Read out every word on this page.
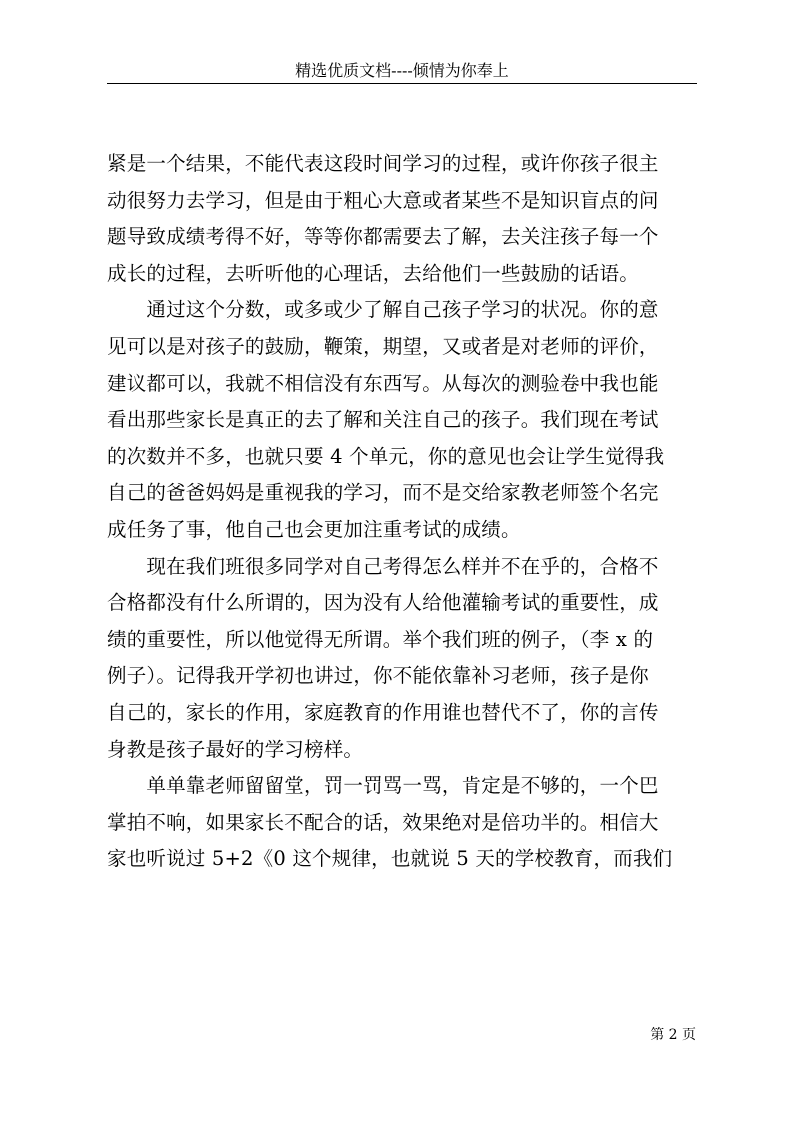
精选优质文档----倾情为你奉上
紧是一个结果，不能代表这段时间学习的过程，或许你孩子很主
动很努力去学习，但是由于粗心大意或者某些不是知识盲点的问
题导致成绩考得不好，等等你都需要去了解，去关注孩子每一个
成长的过程，去听听他的心理话，去给他们一些鼓励的话语。
　　通过这个分数，或多或少了解自己孩子学习的状况。你的意
见可以是对孩子的鼓励，鞭策，期望，又或者是对老师的评价，
建议都可以，我就不相信没有东西写。从每次的测验卷中我也能
看出那些家长是真正的去了解和关注自己的孩子。我们现在考试
的次数并不多，也就只要 4 个单元，你的意见也会让学生觉得我
自己的爸爸妈妈是重视我的学习，而不是交给家教老师签个名完
成任务了事，他自己也会更加注重考试的成绩。
　　现在我们班很多同学对自己考得怎么样并不在乎的，合格不
合格都没有什么所谓的，因为没有人给他灌输考试的重要性，成
绩的重要性，所以他觉得无所谓。举个我们班的例子，（李 x 的
例子）。记得我开学初也讲过，你不能依靠补习老师，孩子是你
自己的，家长的作用，家庭教育的作用谁也替代不了，你的言传
身教是孩子最好的学习榜样。
　　单单靠老师留留堂，罚一罚骂一骂，肯定是不够的，一个巴
掌拍不响，如果家长不配合的话，效果绝对是倍功半的。相信大
家也听说过 5+2《0 这个规律，也就说 5 天的学校教育，而我们
第 2 页
